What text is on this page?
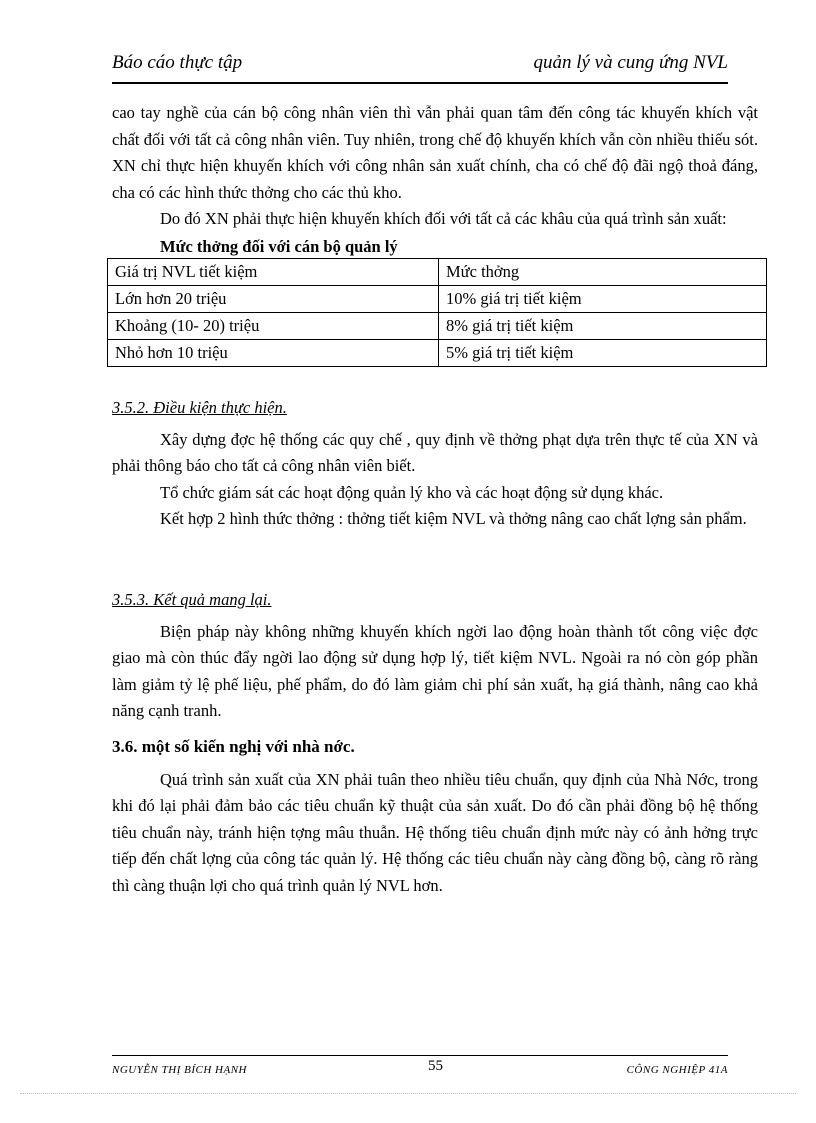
Báo cáo thực tập	quản lý và cung ứng NVL

cao tay nghề của cán bộ công nhân viên thì vẫn phải quan tâm đến công tác khuyến khích vật chất đối với tất cả công nhân viên. Tuy nhiên, trong chế độ khuyến khích vẫn còn nhiều thiếu sót. XN chỉ thực hiện khuyến khích với công nhân sản xuất chính, cha có chế độ đãi ngộ thoả đáng, cha có các hình thức thởng cho các thủ kho.

Do đó XN phải thực hiện khuyến khích đối với tất cả các khâu của quá trình sản xuất:

Mức thởng đối với cán bộ quản lý
Giá trị NVL tiết kiệm	Mức thởng
Lớn hơn 20 triệu	10% giá trị tiết kiệm
Khoảng (10- 20) triệu	8% giá trị tiết kiệm
Nhỏ hơn 10 triệu	5% giá trị tiết kiệm
3.5.2. Điều kiện thực hiện.

Xây dựng đợc hệ thống các quy chế , quy định về thởng phạt dựa trên thực tế của XN và phải thông báo cho tất cả công nhân viên biết.

Tổ chức giám sát các hoạt động quản lý kho và các hoạt động sử dụng khác.

Kết hợp 2 hình thức thởng : thởng tiết kiệm NVL và thởng nâng cao chất lợng sản phẩm.

3.5.3. Kết quả mang lại.

Biện pháp này không những khuyến khích ngời lao động hoàn thành tốt công việc đợc giao mà còn thúc đẩy ngời lao động sử dụng hợp lý, tiết kiệm NVL. Ngoài ra nó còn góp phần làm giảm tỷ lệ phế liệu, phế phẩm, do đó làm giảm chi phí sản xuất, hạ giá thành, nâng cao khả năng cạnh tranh.

3.6. một số kiến nghị với nhà nớc.

Quá trình sản xuất của XN phải tuân theo nhiều tiêu chuẩn, quy định của Nhà Nớc, trong khi đó lại phải đảm bảo các tiêu chuẩn kỹ thuật của sản xuất. Do đó cần phải đồng bộ hệ thống tiêu chuẩn này, tránh hiện tợng mâu thuẫn. Hệ thống tiêu chuẩn định mức này có ảnh hởng trực tiếp đến chất lợng của công tác quản lý. Hệ thống các tiêu chuẩn này càng đồng bộ, càng rõ ràng thì càng thuận lợi cho quá trình quản lý NVL hơn.

NGUYỄN THỊ BÍCH HẠNH	55	CÔNG NGHIỆP 41A
